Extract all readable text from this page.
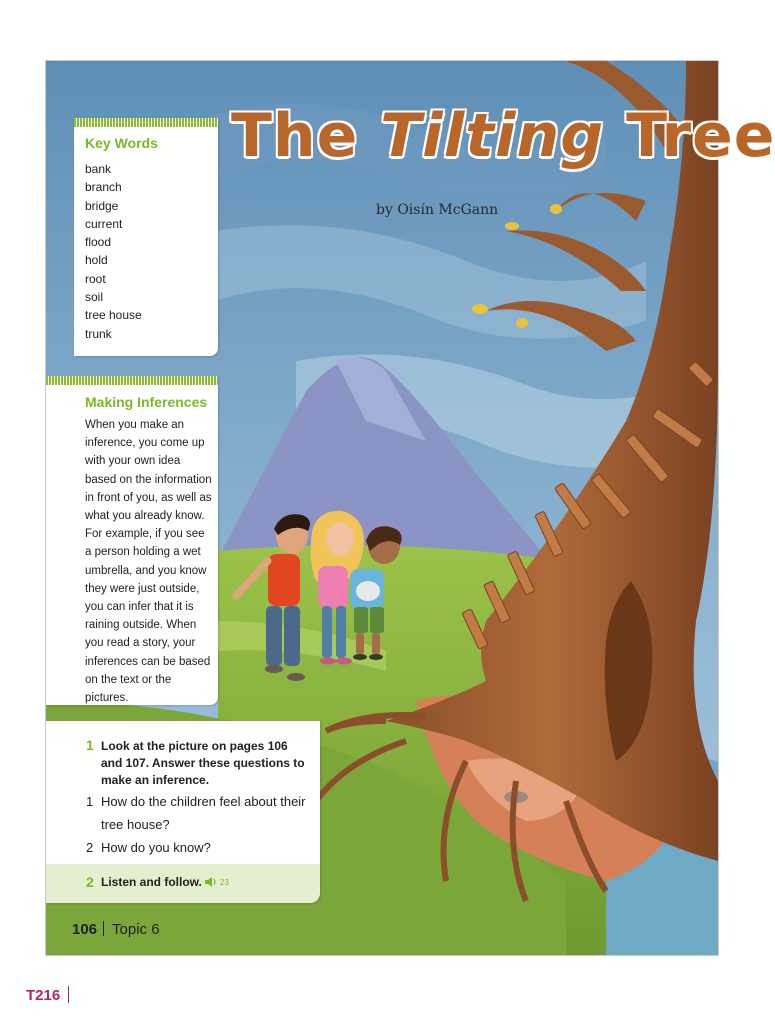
The Tilting Tree
by Oisín McGann
Key Words
bank
branch
bridge
current
flood
hold
root
soil
tree house
trunk
Making Inferences

When you make an inference, you come up with your own idea based on the information in front of you, as well as what you already know. For example, if you see a person holding a wet umbrella, and you know they were just outside, you can infer that it is raining outside. When you read a story, your inferences can be based on the text or the pictures.

1 Look at the picture on pages 106 and 107. Answer these questions to make an inference.
1 How do the children feel about their tree house?
2 How do you know?
2 Listen and follow. 23
106 Topic 6
T216
